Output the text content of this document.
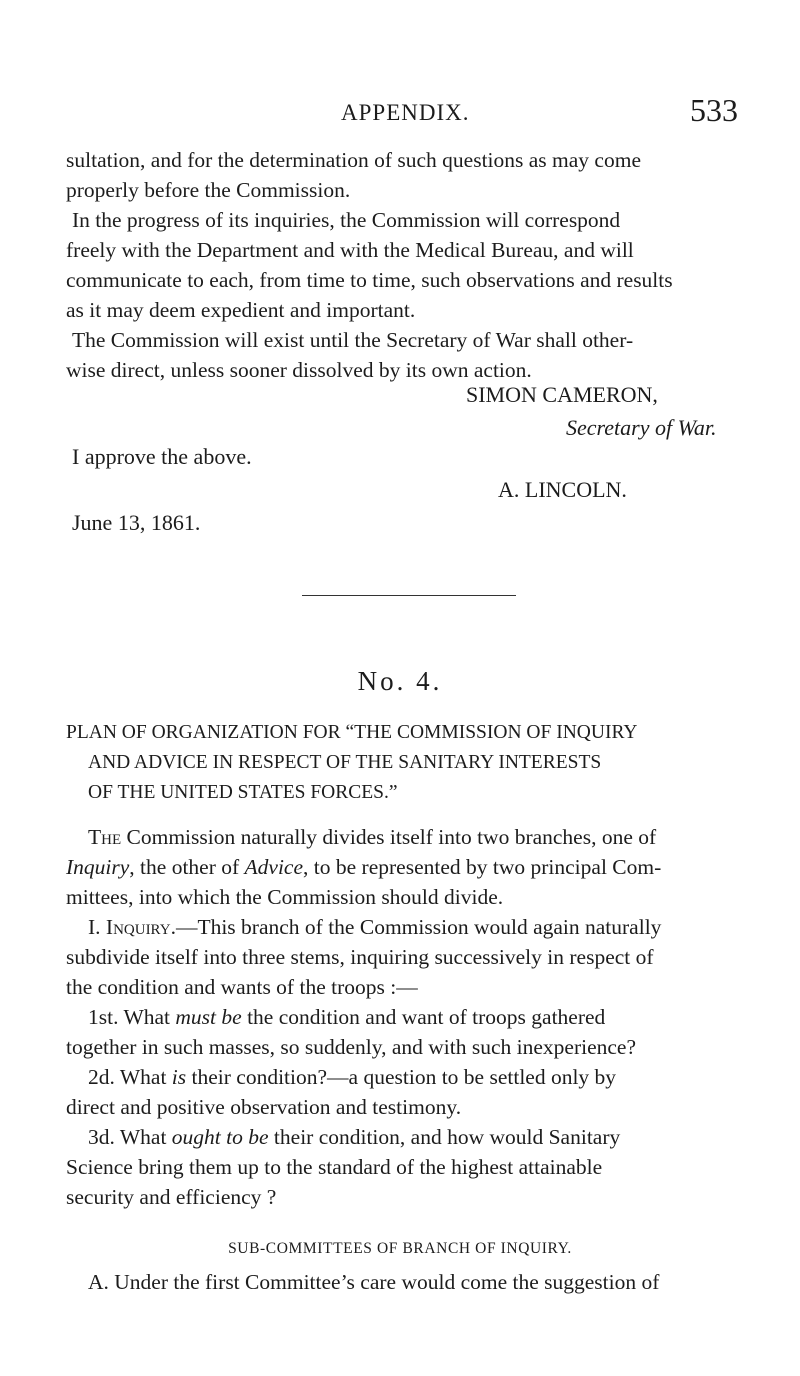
APPENDIX.	533
sultation, and for the determination of such questions as may come
properly before the Commission.
In the progress of its inquiries, the Commission will correspond
freely with the Department and with the Medical Bureau, and will
communicate to each, from time to time, such observations and results
as it may deem expedient and important.
The Commission will exist until the Secretary of War shall other-
wise direct, unless sooner dissolved by its own action.
SIMON CAMERON,
Secretary of War.
I approve the above.
A. LINCOLN.
June 13, 1861.
No. 4.
PLAN OF ORGANIZATION FOR “THE COMMISSION OF INQUIRY
AND ADVICE IN RESPECT OF THE SANITARY INTERESTS
OF THE UNITED STATES FORCES.”
The Commission naturally divides itself into two branches, one of
Inquiry, the other of Advice, to be represented by two principal Com-
mittees, into which the Commission should divide.
I. Inquiry.—This branch of the Commission would again naturally
subdivide itself into three stems, inquiring successively in respect of
the condition and wants of the troops :—
1st. What must be the condition and want of troops gathered
together in such masses, so suddenly, and with such inexperience?
2d. What is their condition?—a question to be settled only by
direct and positive observation and testimony.
3d. What ought to be their condition, and how would Sanitary
Science bring them up to the standard of the highest attainable
security and efficiency ?
SUB-COMMITTEES OF BRANCH OF INQUIRY.
A. Under the first Committee’s care would come the suggestion of
